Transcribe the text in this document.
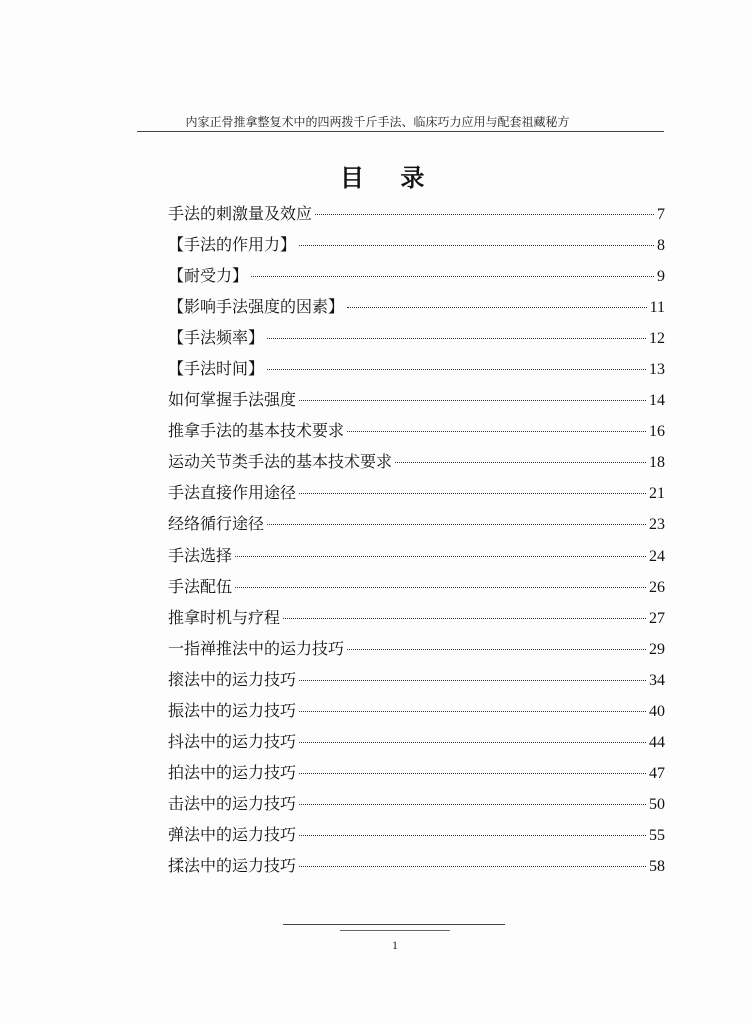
内家正骨推拿整复术中的四两拨千斤手法、临床巧力应用与配套祖藏秘方
目 录
手法的刺激量及效应	7
【手法的作用力】	8
【耐受力】	9
【影响手法强度的因素】	11
【手法频率】	12
【手法时间】	13
如何掌握手法强度	14
推拿手法的基本技术要求	16
运动关节类手法的基本技术要求	18
手法直接作用途径	21
经络循行途径	23
手法选择	24
手法配伍	26
推拿时机与疗程	27
一指禅推法中的运力技巧	29
㨰法中的运力技巧	34
振法中的运力技巧	40
抖法中的运力技巧	44
拍法中的运力技巧	47
击法中的运力技巧	50
弹法中的运力技巧	55
揉法中的运力技巧	58
1
